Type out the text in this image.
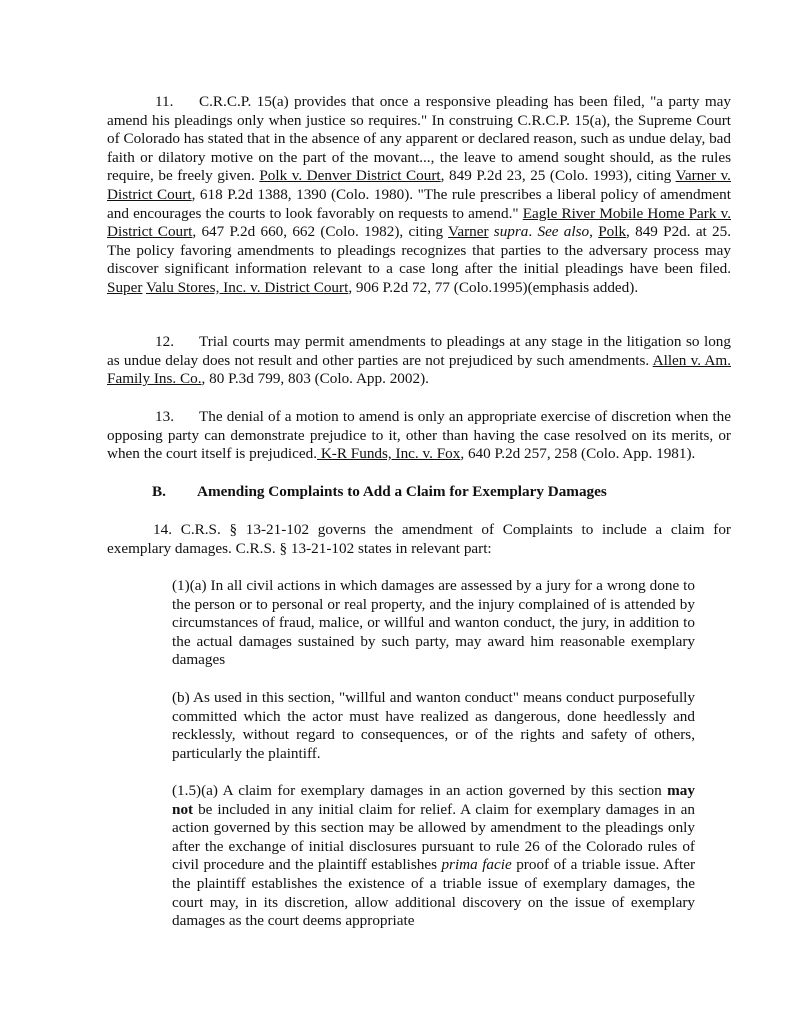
11. C.R.C.P. 15(a) provides that once a responsive pleading has been filed, "a party may amend his pleadings only when justice so requires." In construing C.R.C.P. 15(a), the Supreme Court of Colorado has stated that in the absence of any apparent or declared reason, such as undue delay, bad faith or dilatory motive on the part of the movant..., the leave to amend sought should, as the rules require, be freely given. Polk v. Denver District Court, 849 P.2d 23, 25 (Colo. 1993), citing Varner v. District Court, 618 P.2d 1388, 1390 (Colo. 1980). "The rule prescribes a liberal policy of amendment and encourages the courts to look favorably on requests to amend." Eagle River Mobile Home Park v. District Court, 647 P.2d 660, 662 (Colo. 1982), citing Varner supra. See also, Polk, 849 P2d. at 25. The policy favoring amendments to pleadings recognizes that parties to the adversary process may discover significant information relevant to a case long after the initial pleadings have been filed. Super Valu Stores, Inc. v. District Court, 906 P.2d 72, 77 (Colo.1995)(emphasis added).

12. Trial courts may permit amendments to pleadings at any stage in the litigation so long as undue delay does not result and other parties are not prejudiced by such amendments. Allen v. Am. Family Ins. Co., 80 P.3d 799, 803 (Colo. App. 2002).

13. The denial of a motion to amend is only an appropriate exercise of discretion when the opposing party can demonstrate prejudice to it, other than having the case resolved on its merits, or when the court itself is prejudiced. K-R Funds, Inc. v. Fox, 640 P.2d 257, 258 (Colo. App. 1981).

B. Amending Complaints to Add a Claim for Exemplary Damages

14. C.R.S. § 13-21-102 governs the amendment of Complaints to include a claim for exemplary damages. C.R.S. § 13-21-102 states in relevant part:

(1)(a) In all civil actions in which damages are assessed by a jury for a wrong done to the person or to personal or real property, and the injury complained of is attended by circumstances of fraud, malice, or willful and wanton conduct, the jury, in addition to the actual damages sustained by such party, may award him reasonable exemplary damages

(b) As used in this section, "willful and wanton conduct" means conduct purposefully committed which the actor must have realized as dangerous, done heedlessly and recklessly, without regard to consequences, or of the rights and safety of others, particularly the plaintiff.

(1.5)(a) A claim for exemplary damages in an action governed by this section may not be included in any initial claim for relief. A claim for exemplary damages in an action governed by this section may be allowed by amendment to the pleadings only after the exchange of initial disclosures pursuant to rule 26 of the Colorado rules of civil procedure and the plaintiff establishes prima facie proof of a triable issue. After the plaintiff establishes the existence of a triable issue of exemplary damages, the court may, in its discretion, allow additional discovery on the issue of exemplary damages as the court deems appropriate
